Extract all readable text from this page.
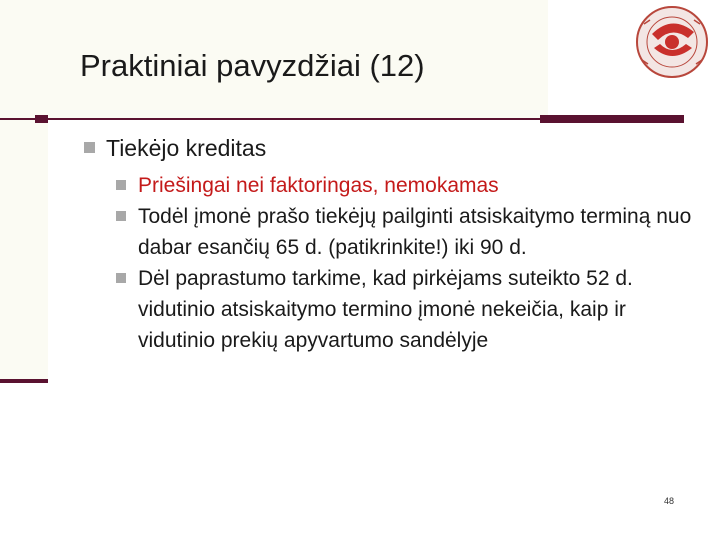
Praktiniai pavyzdžiai (12)
Tiekėjo kreditas
Priešingai nei faktoringas, nemokamas
Todėl įmonė prašo tiekėjų pailginti atsiskaitymo terminą nuo dabar esančių 65 d. (patikrinkite!) iki 90 d.
Dėl paprastumo tarkime, kad pirkėjams suteikto 52 d. vidutinio atsiskaitymo termino įmonė nekeičia, kaip ir vidutinio prekių apyvartumo sandėlyje
48
